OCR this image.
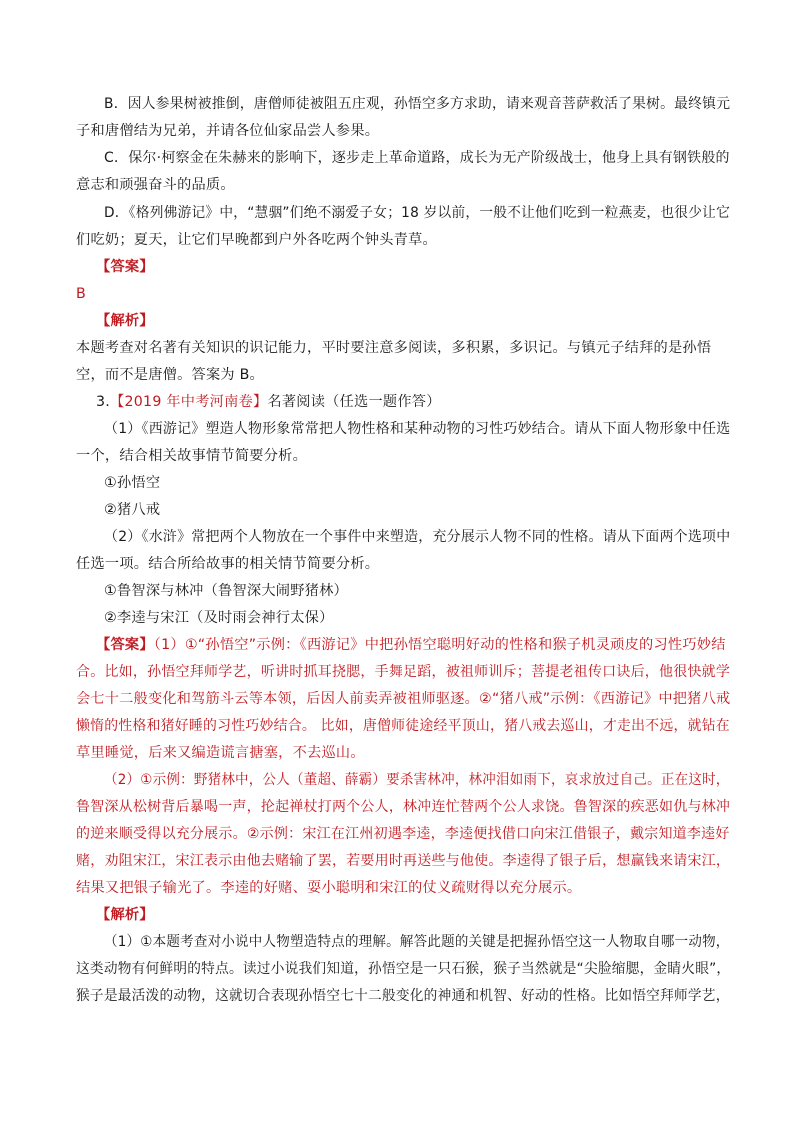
B．因人参果树被推倒，唐僧师徒被阻五庄观，孙悟空多方求助，请来观音菩萨救活了果树。最终镇元
子和唐僧结为兄弟，并请各位仙家品尝人参果。
C．保尔·柯察金在朱赫来的影响下，逐步走上革命道路，成长为无产阶级战士，他身上具有钢铁般的
意志和顽强奋斗的品质。
D．《格列佛游记》中，“慧骃”们绝不溺爱子女；18 岁以前，一般不让他们吃到一粒燕麦，也很少让它
们吃奶；夏天，让它们早晚都到户外各吃两个钟头青草。
【答案】
B
【解析】
本题考查对名著有关知识的识记能力，平时要注意多阅读，多积累，多识记。与镇元子结拜的是孙悟
空，而不是唐僧。答案为 B。
3.【2019 年中考河南卷】名著阅读（任选一题作答）
（1）《西游记》塑造人物形象常常把人物性格和某种动物的习性巧妙结合。请从下面人物形象中任选
一个，结合相关故事情节简要分析。
①孙悟空
②猪八戒
（2）《水浒》常把两个人物放在一个事件中来塑造，充分展示人物不同的性格。请从下面两个选项中
任选一项。结合所给故事的相关情节简要分析。
①鲁智深与林冲（鲁智深大闹野猪林）
②李逵与宋江（及时雨会神行太保）
【答案】（1）①“孙悟空”示例：《西游记》中把孙悟空聪明好动的性格和猴子机灵顽皮的习性巧妙结
合。比如，孙悟空拜师学艺，听讲时抓耳挠腮，手舞足蹈，被祖师训斥；菩提老祖传口诀后，他很快就学
会七十二般变化和驾筋斗云等本领，后因人前卖弄被祖师驱逐。②“猪八戒”示例：《西游记》中把猪八戒
懒惰的性格和猪好睡的习性巧妙结合。 比如，唐僧师徒途经平顶山，猪八戒去巡山，才走出不远，就钻在
草里睡觉，后来又编造谎言搪塞，不去巡山。
（2）①示例：野猪林中，公人（董超、薛霸）要杀害林冲，林冲泪如雨下，哀求放过自己。正在这时，
鲁智深从松树背后暴喝一声，抡起禅杖打两个公人，林冲连忙替两个公人求饶。鲁智深的疾恶如仇与林冲
的逆来顺受得以充分展示。②示例：宋江在江州初遇李逵，李逵便找借口向宋江借银子，戴宗知道李逵好
赌，劝阻宋江，宋江表示由他去赌输了罢，若要用时再送些与他使。李逵得了银子后，想赢钱来请宋江，
结果又把银子输光了。李逵的好赌、耍小聪明和宋江的仗义疏财得以充分展示。
【解析】
（1）①本题考查对小说中人物塑造特点的理解。解答此题的关键是把握孙悟空这一人物取自哪一动物，
这类动物有何鲜明的特点。读过小说我们知道，孙悟空是一只石猴，猴子当然就是“尖脸缩腮，金睛火眼”，
猴子是最活泼的动物，这就切合表现孙悟空七十二般变化的神通和机智、好动的性格。比如悟空拜师学艺，
